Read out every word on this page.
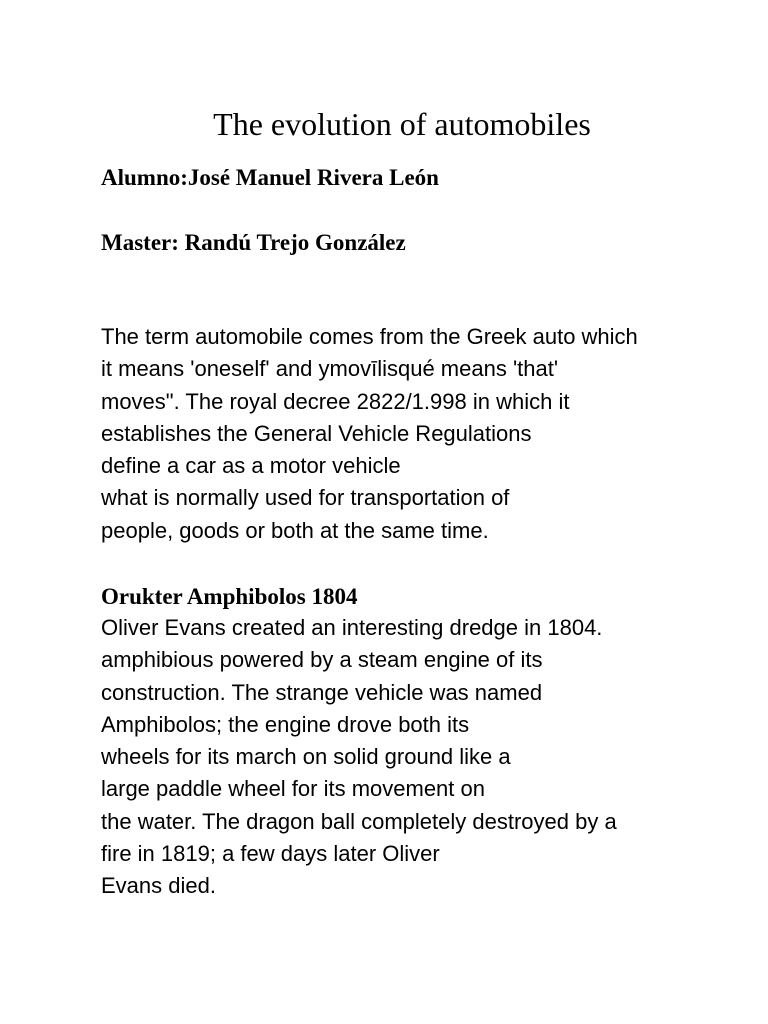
The evolution of automobiles

Alumno:José Manuel Rivera León

Master: Randú Trejo González

The term automobile comes from the Greek auto which
it means 'oneself' and ymovīlisqué means 'that'
moves". The royal decree 2822/1.998 in which it
establishes the General Vehicle Regulations
define a car as a motor vehicle
what is normally used for transportation of
people, goods or both at the same time.

Orukter Amphibolos 1804

Oliver Evans created an interesting dredge in 1804.
amphibious powered by a steam engine of its
construction. The strange vehicle was named
Amphibolos; the engine drove both its
wheels for its march on solid ground like a
large paddle wheel for its movement on
the water. The dragon ball completely destroyed by a
fire in 1819; a few days later Oliver
Evans died.
